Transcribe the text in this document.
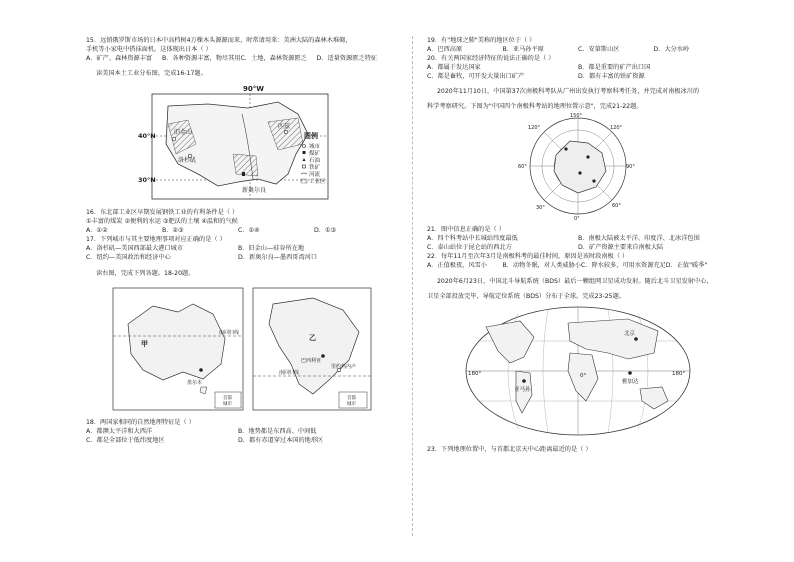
15．远销俄罗斯市场的日本中高档树4万棵木头源源而来，时常请用来：美洲大陆的森林木堆砌，

手机等小家电中搭抹面机。这体现出日本（ ）

A．矿产、森林资源丰富	B．各种资源丰富，物尽其用 C．土地，森林资源匮乏	D．适量资源匮乏特征

读美国本土工业分布图，完成16-17题。

90°W
40°N
30°N
旧金山
洛杉矶
匹兹
新奥尔良
图例
城市
煤矿
石油
铁矿
河流
工业区

16．东北部工业区早期发展钢铁工业的有利条件是（ ）

①丰富的煤炭 ②便利的水运 ③肥沃的土壤 ④温和的气候

A．①②	B．②③	C．①④	D．①③

17．下列城市与其主要地理事项对应正确的是（ ）

A．洛杉矶—美国西部最大港口城市	B．旧金山—硅谷所在地
C．纽约—美国政治和经济中心	D．新奥尔良—墨西哥湾河口

读右图，完成下列各题。18-20题。

南回归线
甲
墨尔本
首都
城市
乙
南回归线
巴西利亚
里约热内卢
首都
城市

18．两国家相同的自然地理特征是（ ）

A．都濒太平洋和大西洋	B．地势都是东西高、中间低
C．都是全部位于低纬度地区	D．都有赤道穿过本国的地形区

19．有"地球之肺"美称的地区位于（ ）

A．巴西高原	B．亚马孙平原	C．安第斯山区	D．大分水岭

20．有关两国家经济特征的说法正确的是（ ）

A．都属于发达国家	B．都是重要的矿产出口国
C．都是畜牧，可开发大量出口矿产	D．都有丰富的铁矿资源

2020年11月10日，中国第37次南极科考队从广州出发执行考察科考任务，并完成对南极冰川的

科学考察研究。下图为"中国四个南极科考站的地理位置示意"，完成21-22题。

150°
120°
90°
60°
0°
30°
60°
120°

21．图中信息正确的是（ ）

A．四个科考站中长城站纬度最低	B．南极大陆被太平洋、印度洋、北冰洋包围
C．泰山站位于昆仑站的西北方	D．矿产资源主要来自南极大陆

22．每年11月至次年3月是南极科考的最佳时间，原因是该时段南极（ ）

A．正值极夜，风雪小	B．动物冬眠，对人类威胁小 C．降水较多，可用水资源充足 D．正值"暖季"

2020年6月23日，中国北斗导航系统（BDS）最后一颗组网卫星成功发射。随后北斗卫星发射中心，

卫星全部投放完毕，导航定位系统（BDS）分布于全球。完成23-25题。

北京
雅加达
亚马孙
180°	0°	180°

23．下列地理位置中，与首都北京天中心距离最近的是（ ）
